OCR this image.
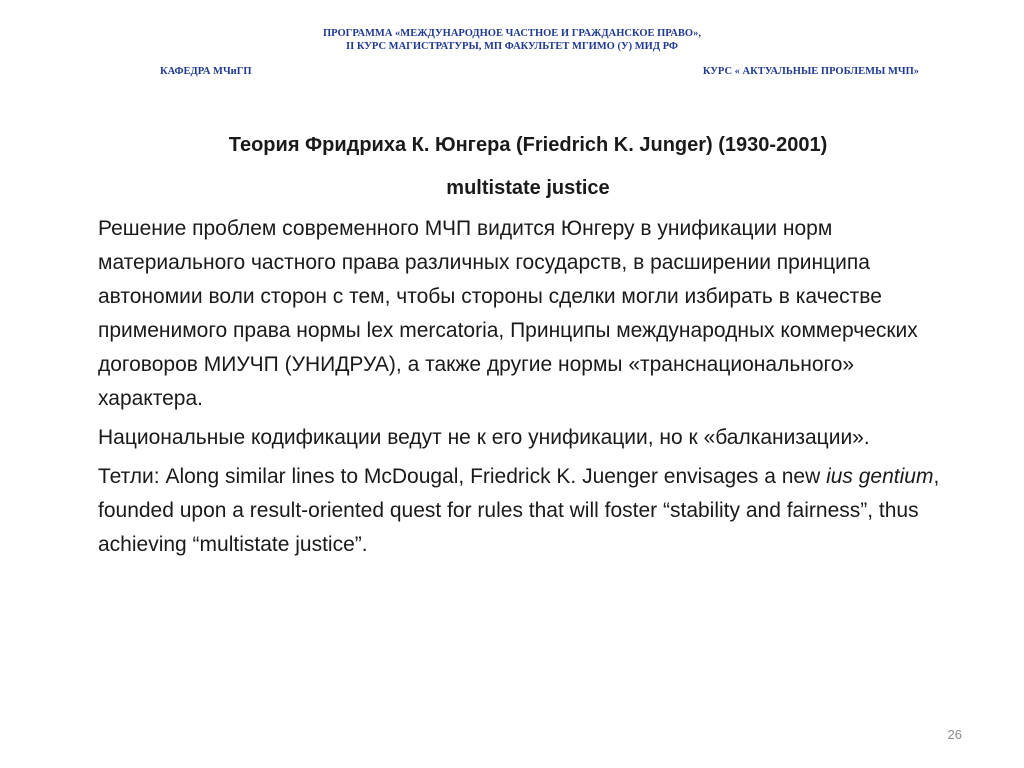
ПРОГРАММА «МЕЖДУНАРОДНОЕ ЧАСТНОЕ И ГРАЖДАНСКОЕ ПРАВО»,
II КУРС МАГИСТРАТУРЫ, МП ФАКУЛЬТЕТ МГИМО (У) МИД РФ
КАФЕДРА МЧиГП	КУРС « АКТУАЛЬНЫЕ ПРОБЛЕМЫ МЧП»
Теория Фридриха К. Юнгера (Friedrich K. Junger) (1930-2001)
multistate justice

Решение проблем современного МЧП видится Юнгеру в унификации норм материального частного права различных государств, в расширении принципа автономии воли сторон с тем, чтобы стороны сделки могли избирать в качестве применимого права нормы lex mercatoria, Принципы международных коммерческих договоров МИУЧП (УНИДРУА), а также другие нормы «транснационального» характера.

Национальные кодификации ведут не к его унификации, но к «балканизации».

Тетли: Along similar lines to McDougal, Friedrick K. Juenger envisages a new ius gentium, founded upon a result-oriented quest for rules that will foster “stability and fairness”, thus achieving “multistate justice”.

26
